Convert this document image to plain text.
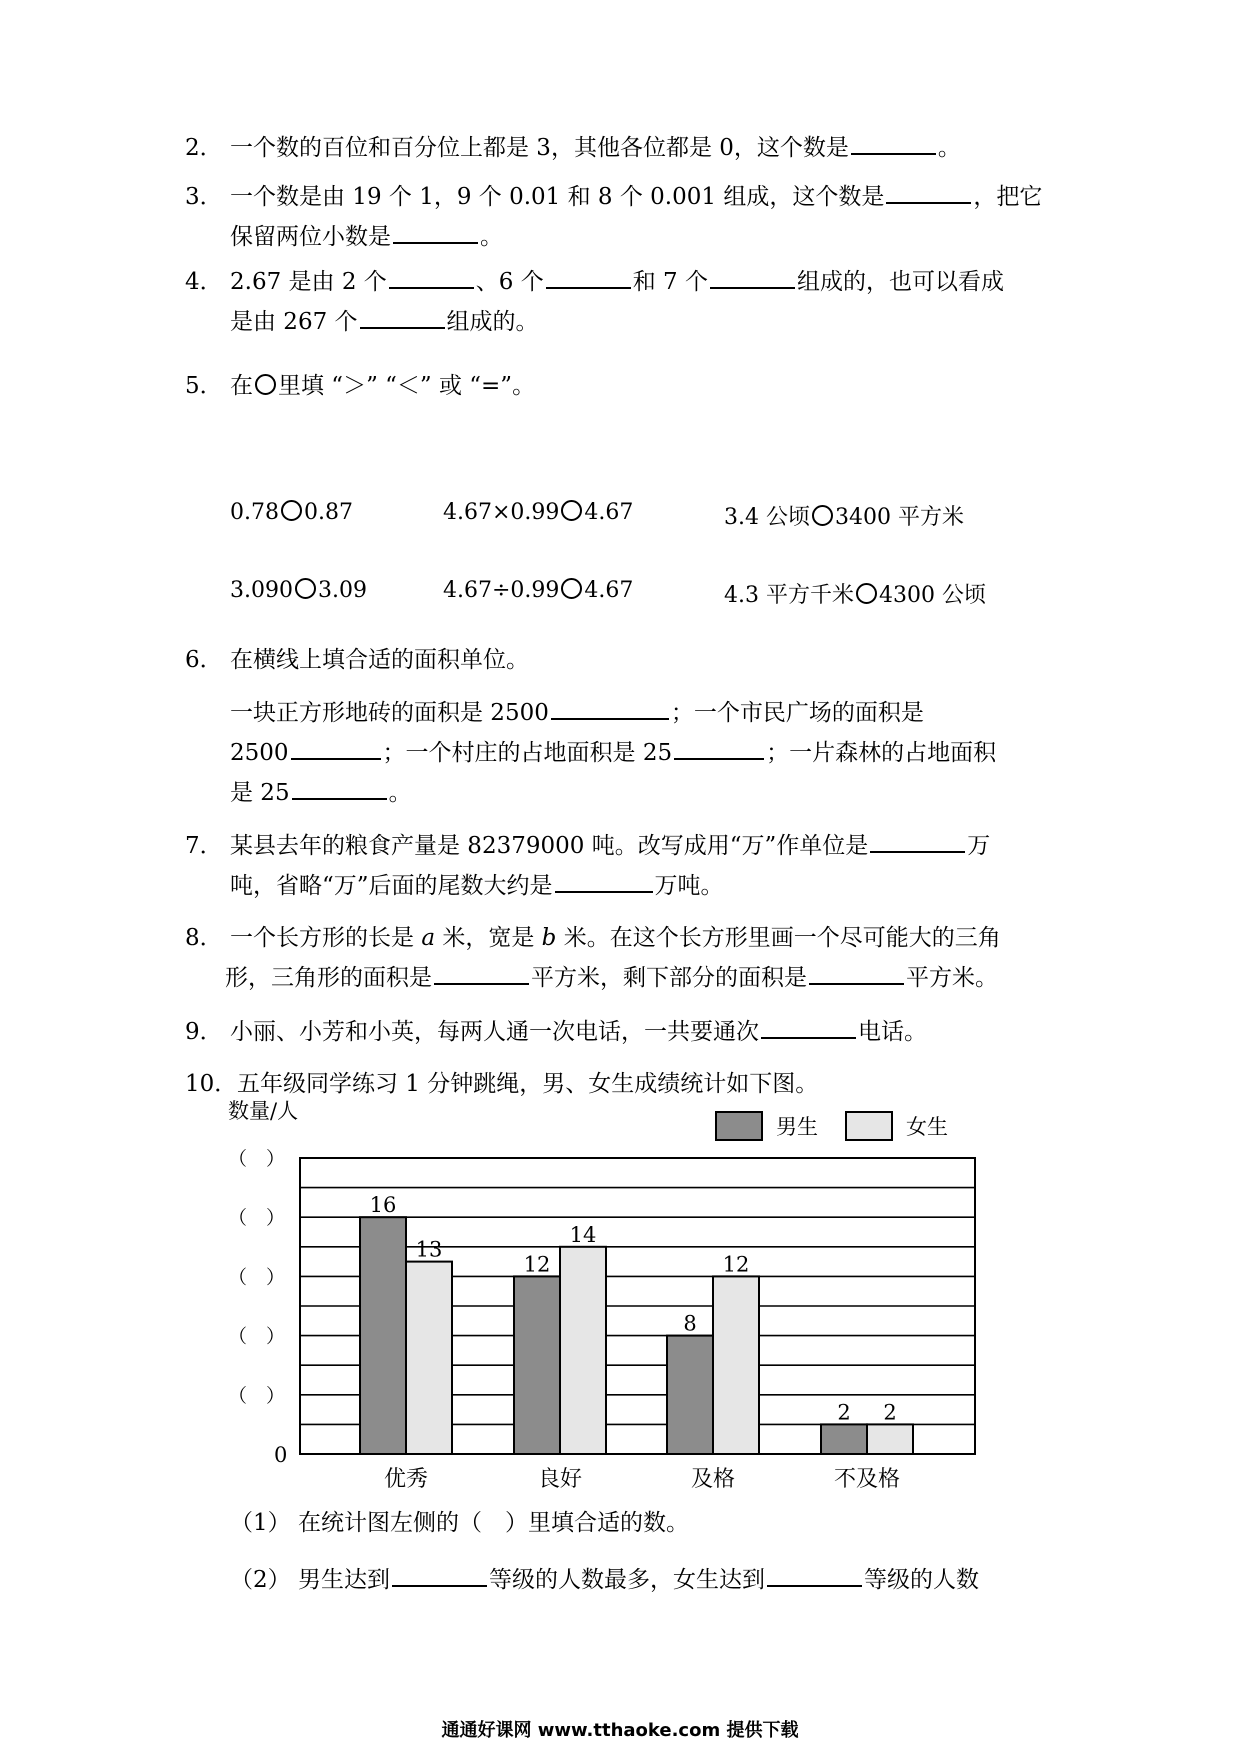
2． 一个数的百位和百分位上都是 3，其他各位都是 0，这个数是	。
3． 一个数是由 19 个 1，9 个 0.01 和 8 个 0.001 组成，这个数是	，把它
保留两位小数是	。
4． 2.67 是由 2 个	、6 个	和 7 个	组成的，也可以看成
是由 267 个	组成的。
5． 在 里填 “＞” “＜” 或 “=”。
0.78 0.87	4.67×0.99 4.67	3.4 公顷 3400 平方米
3.090 3.09	4.67÷0.99 4.67	4.3 平方千米 4300 公顷
6． 在横线上填合适的面积单位。
一块正方形地砖的面积是 2500	；一个市民广场的面积是
2500	；一个村庄的占地面积是 25	；一片森林的占地面积
是 25	。
7． 某县去年的粮食产量是 82379000 吨。改写成用“万”作单位是	万
吨，省略“万”后面的尾数大约是	万吨。
8． 一个长方形的长是 a 米，宽是 b 米。在这个长方形里画一个尽可能大的三角
形，三角形的面积是	平方米，剩下部分的面积是	平方米。
9． 小丽、小芳和小英，每两人通一次电话，一共要通次	电话。
10．五年级同学练习 1 分钟跳绳，男、女生成绩统计如下图。
数量/人
（　）
（　）
（　）
（　）
（　）
0
16
13
优秀
12
14
良好
8
12
及格
2 2
不及格
男生	女生
（1） 在统计图左侧的（　）里填合适的数。
（2） 男生达到	等级的人数最多，女生达到	等级的人数
通通好课网 www.tthaoke.com 提供下载
